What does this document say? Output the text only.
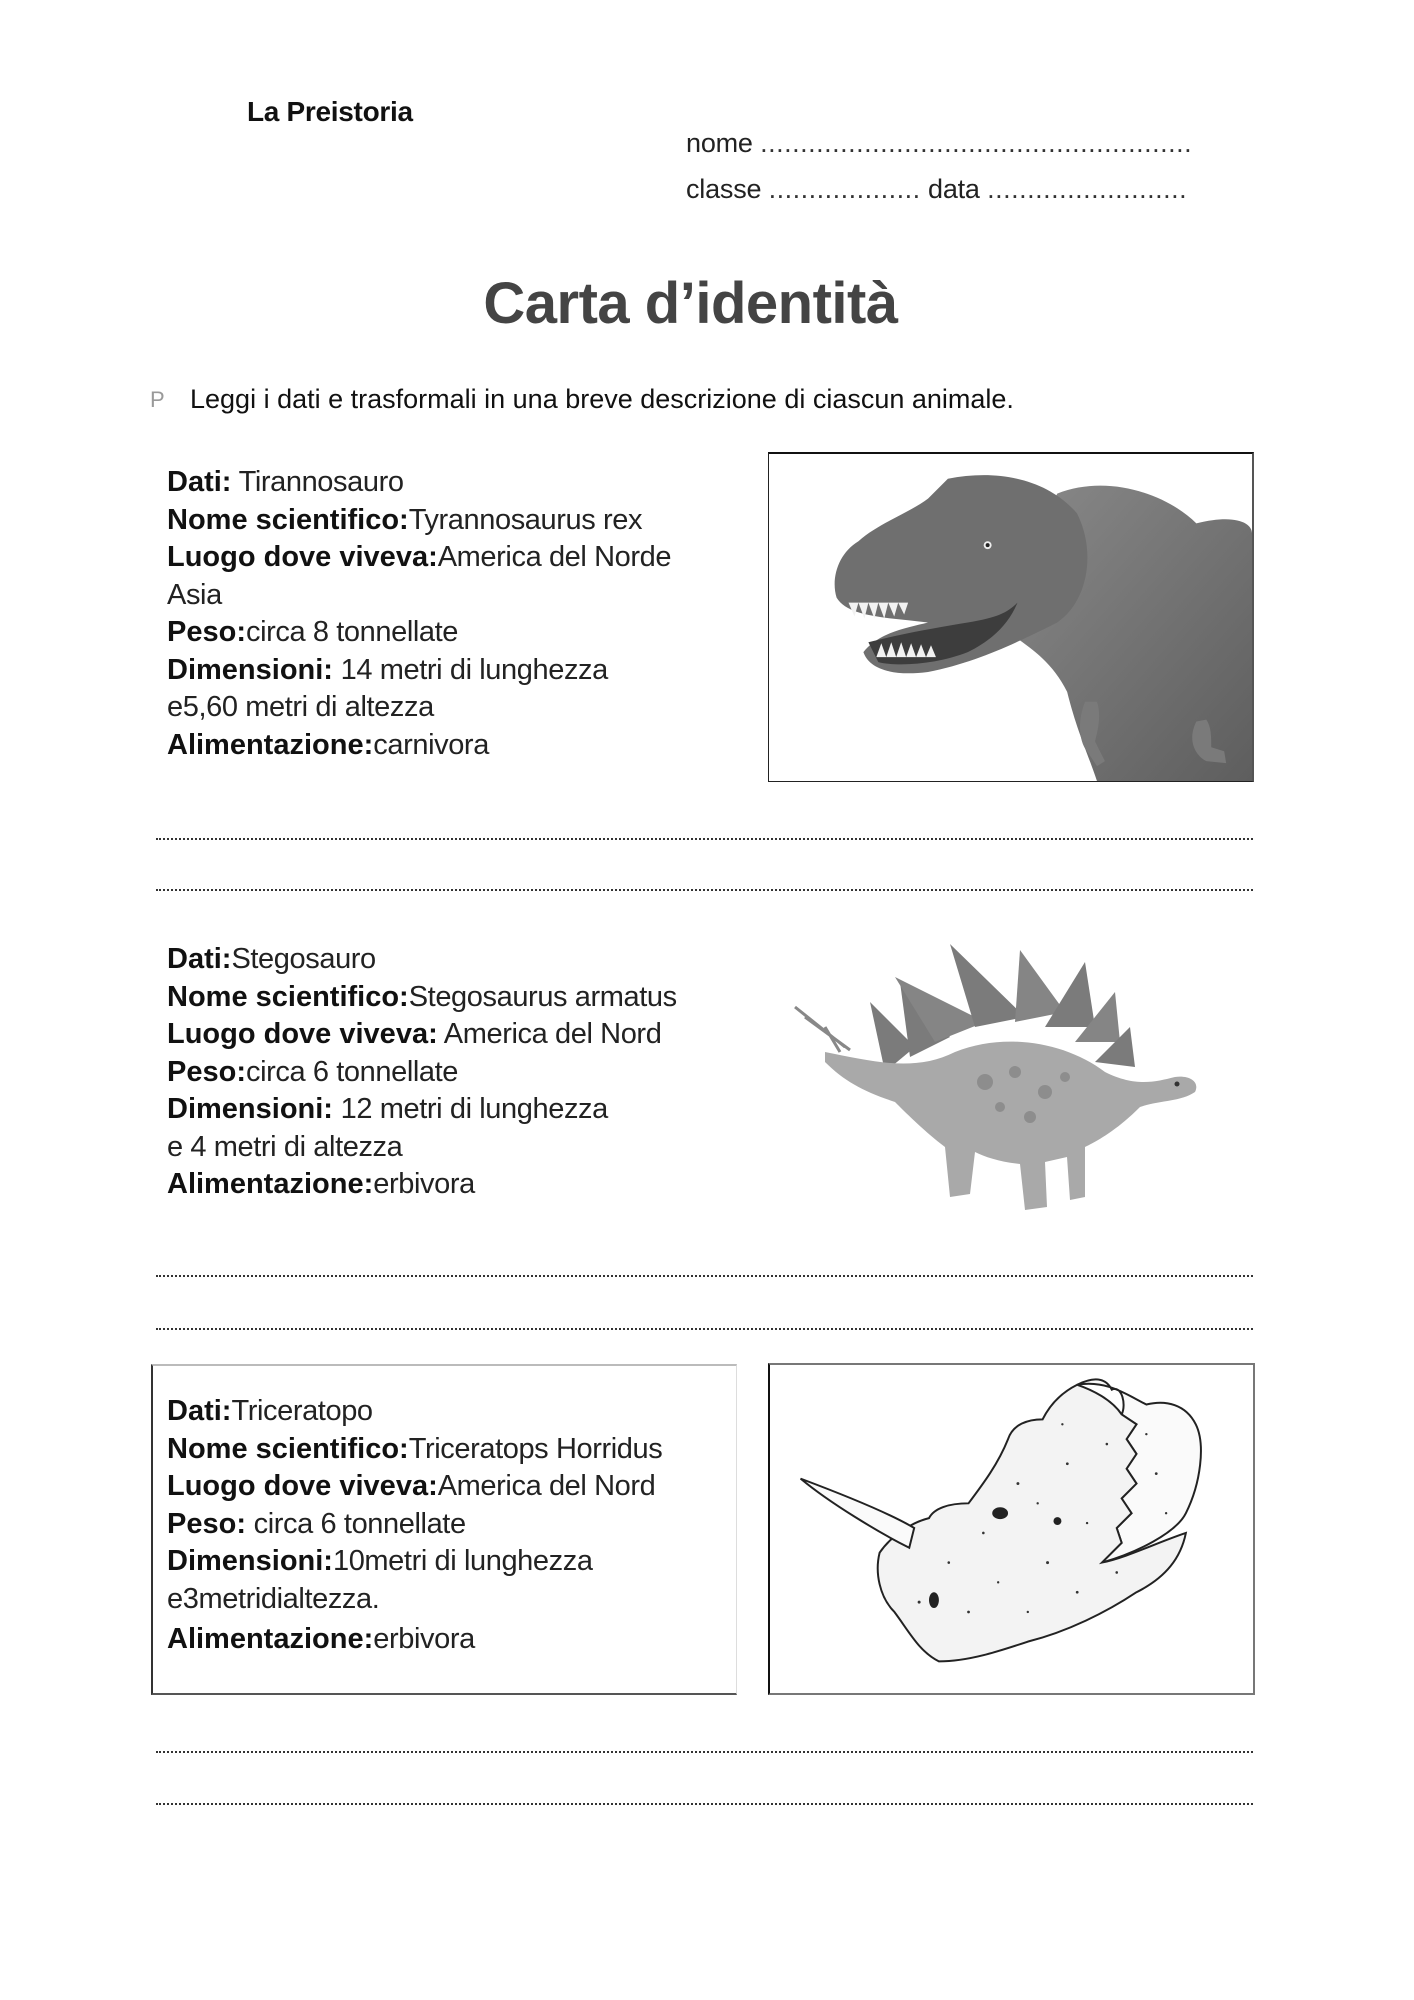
La Preistoria
nome ......................................................
classe ................... data .........................
Carta d’identità
P Leggi i dati e trasformali in una breve descrizione di ciascun animale.
Dati: Tirannosauro
Nome scientifico:Tyrannosaurus rex
Luogo dove viveva:America del Norde
Asia
Peso:circa 8 tonnellate
Dimensioni: 14 metri di lunghezza
e5,60 metri di altezza
Alimentazione:carnivora
Dati:Stegosauro
Nome scientifico:Stegosaurus armatus
Luogo dove viveva: America del Nord
Peso:circa 6 tonnellate
Dimensioni: 12 metri di lunghezza
e 4 metri di altezza
Alimentazione:erbivora
Dati:Triceratopo
Nome scientifico:Triceratops Horridus
Luogo dove viveva:America del Nord
Peso: circa 6 tonnellate
Dimensioni:10metri di lunghezza
e3metridialtezza.
Alimentazione:erbivora
